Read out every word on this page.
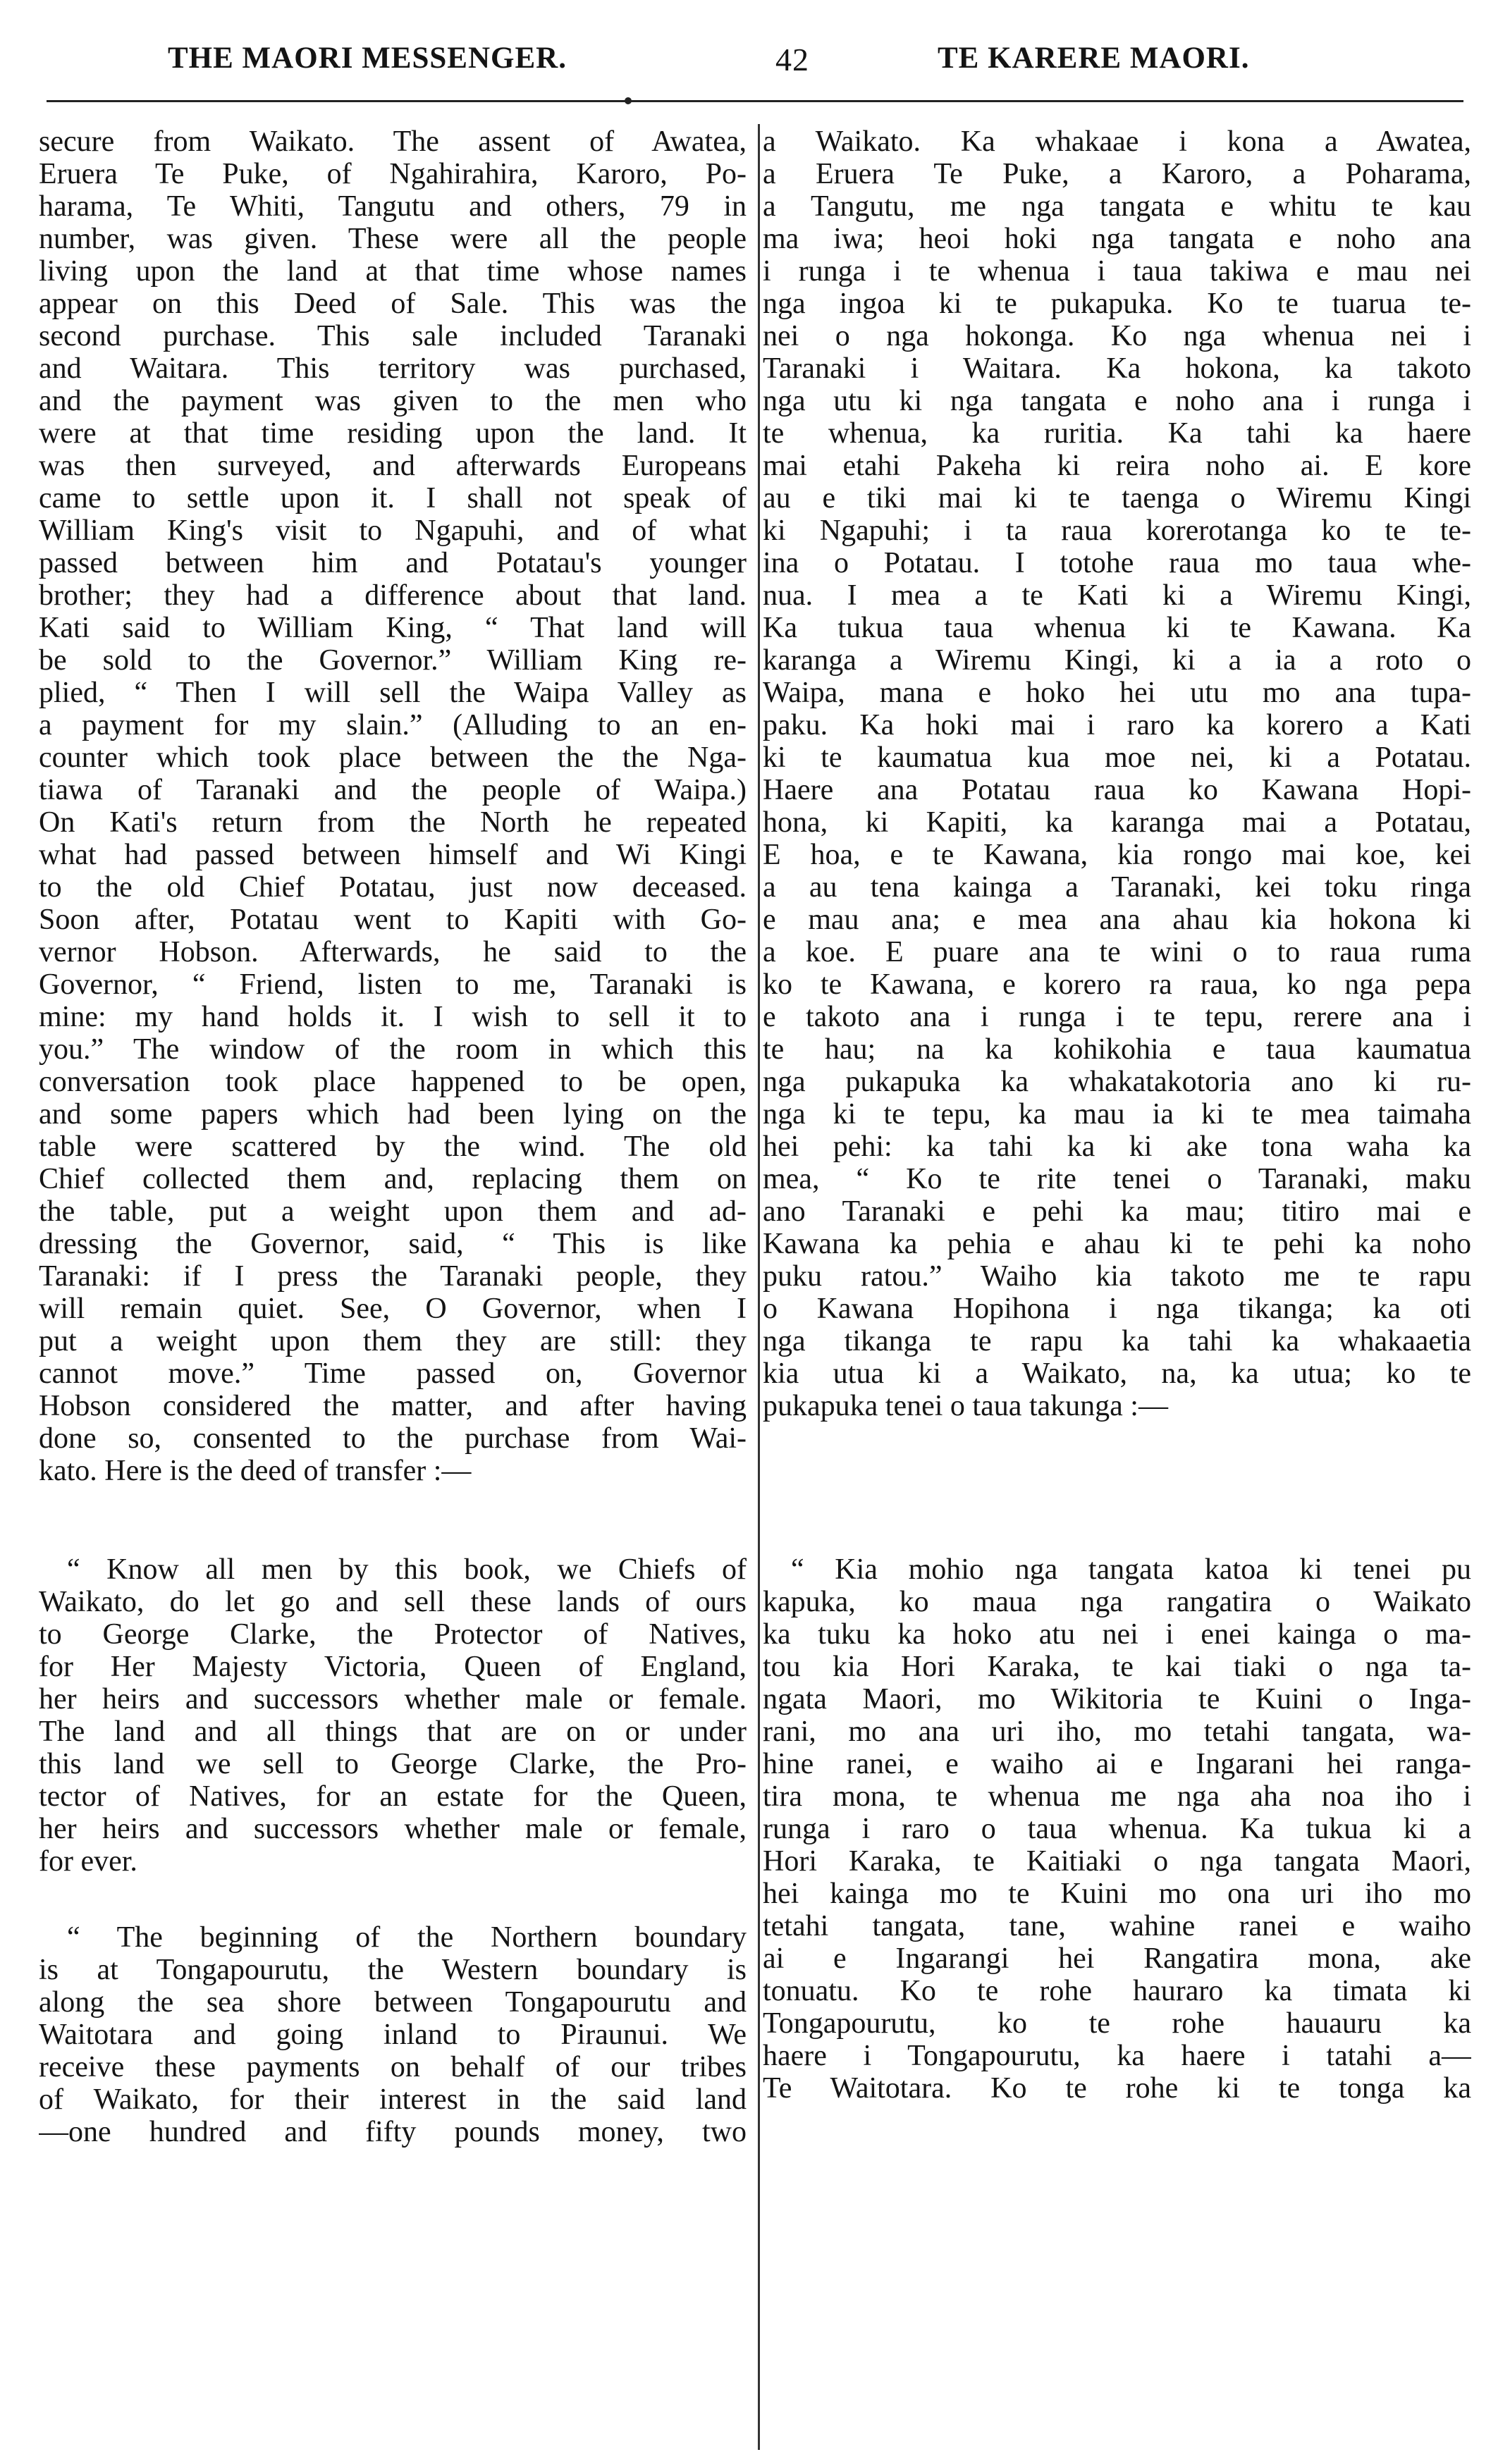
THE MAORI MESSENGER.	42	TE KARERE MAORI.
secure from Waikato. The assent of Awatea,
Eruera Te Puke, of Ngahirahira, Karoro, Po-
harama, Te Whiti, Tangutu and others, 79 in
number, was given. These were all the people
living upon the land at that time whose names
appear on this Deed of Sale. This was the
second purchase. This sale included Taranaki
and Waitara. This territory was purchased,
and the payment was given to the men who
were at that time residing upon the land. It
was then surveyed, and afterwards Europeans
came to settle upon it. I shall not speak of
William King's visit to Ngapuhi, and of what
passed between him and Potatau's younger
brother; they had a difference about that land.
Kati said to William King, “ That land will
be sold to the Governor.” William King re-
plied, “ Then I will sell the Waipa Valley as
a payment for my slain.” (Alluding to an en-
counter which took place between the the Nga-
tiawa of Taranaki and the people of Waipa.)
On Kati's return from the North he repeated
what had passed between himself and Wi Kingi
to the old Chief Potatau, just now deceased.
Soon after, Potatau went to Kapiti with Go-
vernor Hobson. Afterwards, he said to the
Governor, “ Friend, listen to me, Taranaki is
mine: my hand holds it. I wish to sell it to
you.” The window of the room in which this
conversation took place happened to be open,
and some papers which had been lying on the
table were scattered by the wind. The old
Chief collected them and, replacing them on
the table, put a weight upon them and ad-
dressing the Governor, said, “ This is like
Taranaki: if I press the Taranaki people, they
will remain quiet. See, O Governor, when I
put a weight upon them they are still: they
cannot move.” Time passed on, Governor
Hobson considered the matter, and after having
done so, consented to the purchase from Wai-
kato. Here is the deed of transfer :—
“ Know all men by this book, we Chiefs of
Waikato, do let go and sell these lands of ours
to George Clarke, the Protector of Natives,
for Her Majesty Victoria, Queen of England,
her heirs and successors whether male or female.
The land and all things that are on or under
this land we sell to George Clarke, the Pro-
tector of Natives, for an estate for the Queen,
her heirs and successors whether male or female,
for ever.
“ The beginning of the Northern boundary
is at Tongapourutu, the Western boundary is
along the sea shore between Tongapourutu and
Waitotara and going inland to Piraunui. We
receive these payments on behalf of our tribes
of Waikato, for their interest in the said land
—one hundred and fifty pounds money, two
a Waikato. Ka whakaae i kona a Awatea,
a Eruera Te Puke, a Karoro, a Poharama,
a Tangutu, me nga tangata e whitu te kau
ma iwa; heoi hoki nga tangata e noho ana
i runga i te whenua i taua takiwa e mau nei
nga ingoa ki te pukapuka. Ko te tuarua te-
nei o nga hokonga. Ko nga whenua nei i
Taranaki i Waitara. Ka hokona, ka takoto
nga utu ki nga tangata e noho ana i runga i
te whenua, ka ruritia. Ka tahi ka haere
mai etahi Pakeha ki reira noho ai. E kore
au e tiki mai ki te taenga o Wiremu Kingi
ki Ngapuhi; i ta raua korerotanga ko te te-
ina o Potatau. I totohe raua mo taua whe-
nua. I mea a te Kati ki a Wiremu Kingi,
Ka tukua taua whenua ki te Kawana. Ka
karanga a Wiremu Kingi, ki a ia a roto o
Waipa, mana e hoko hei utu mo ana tupa-
paku. Ka hoki mai i raro ka korero a Kati
ki te kaumatua kua moe nei, ki a Potatau.
Haere ana Potatau raua ko Kawana Hopi-
hona, ki Kapiti, ka karanga mai a Potatau,
E hoa, e te Kawana, kia rongo mai koe, kei
a au tena kainga a Taranaki, kei toku ringa
e mau ana; e mea ana ahau kia hokona ki
a koe. E puare ana te wini o to raua ruma
ko te Kawana, e korero ra raua, ko nga pepa
e takoto ana i runga i te tepu, rerere ana i
te hau; na ka kohikohia e taua kaumatua
nga pukapuka ka whakatakotoria ano ki ru-
nga ki te tepu, ka mau ia ki te mea taimaha
hei pehi: ka tahi ka ki ake tona waha ka
mea, “ Ko te rite tenei o Taranaki, maku
ano Taranaki e pehi ka mau; titiro mai e
Kawana ka pehia e ahau ki te pehi ka noho
puku ratou.” Waiho kia takoto me te rapu
o Kawana Hopihona i nga tikanga; ka oti
nga tikanga te rapu ka tahi ka whakaaetia
kia utua ki a Waikato, na, ka utua; ko te
pukapuka tenei o taua takunga :—
“ Kia mohio nga tangata katoa ki tenei pu
kapuka, ko maua nga rangatira o Waikato
ka tuku ka hoko atu nei i enei kainga o ma-
tou kia Hori Karaka, te kai tiaki o nga ta-
ngata Maori, mo Wikitoria te Kuini o Inga-
rani, mo ana uri iho, mo tetahi tangata, wa-
hine ranei, e waiho ai e Ingarani hei ranga-
tira mona, te whenua me nga aha noa iho i
runga i raro o taua whenua. Ka tukua ki a
Hori Karaka, te Kaitiaki o nga tangata Maori,
hei kainga mo te Kuini mo ona uri iho mo
tetahi tangata, tane, wahine ranei e waiho
ai e Ingarangi hei Rangatira mona, ake
tonuatu. Ko te rohe hauraro ka timata ki
Tongapourutu, ko te rohe hauauru ka
haere i Tongapourutu, ka haere i tatahi a—
Te Waitotara. Ko te rohe ki te tonga ka
